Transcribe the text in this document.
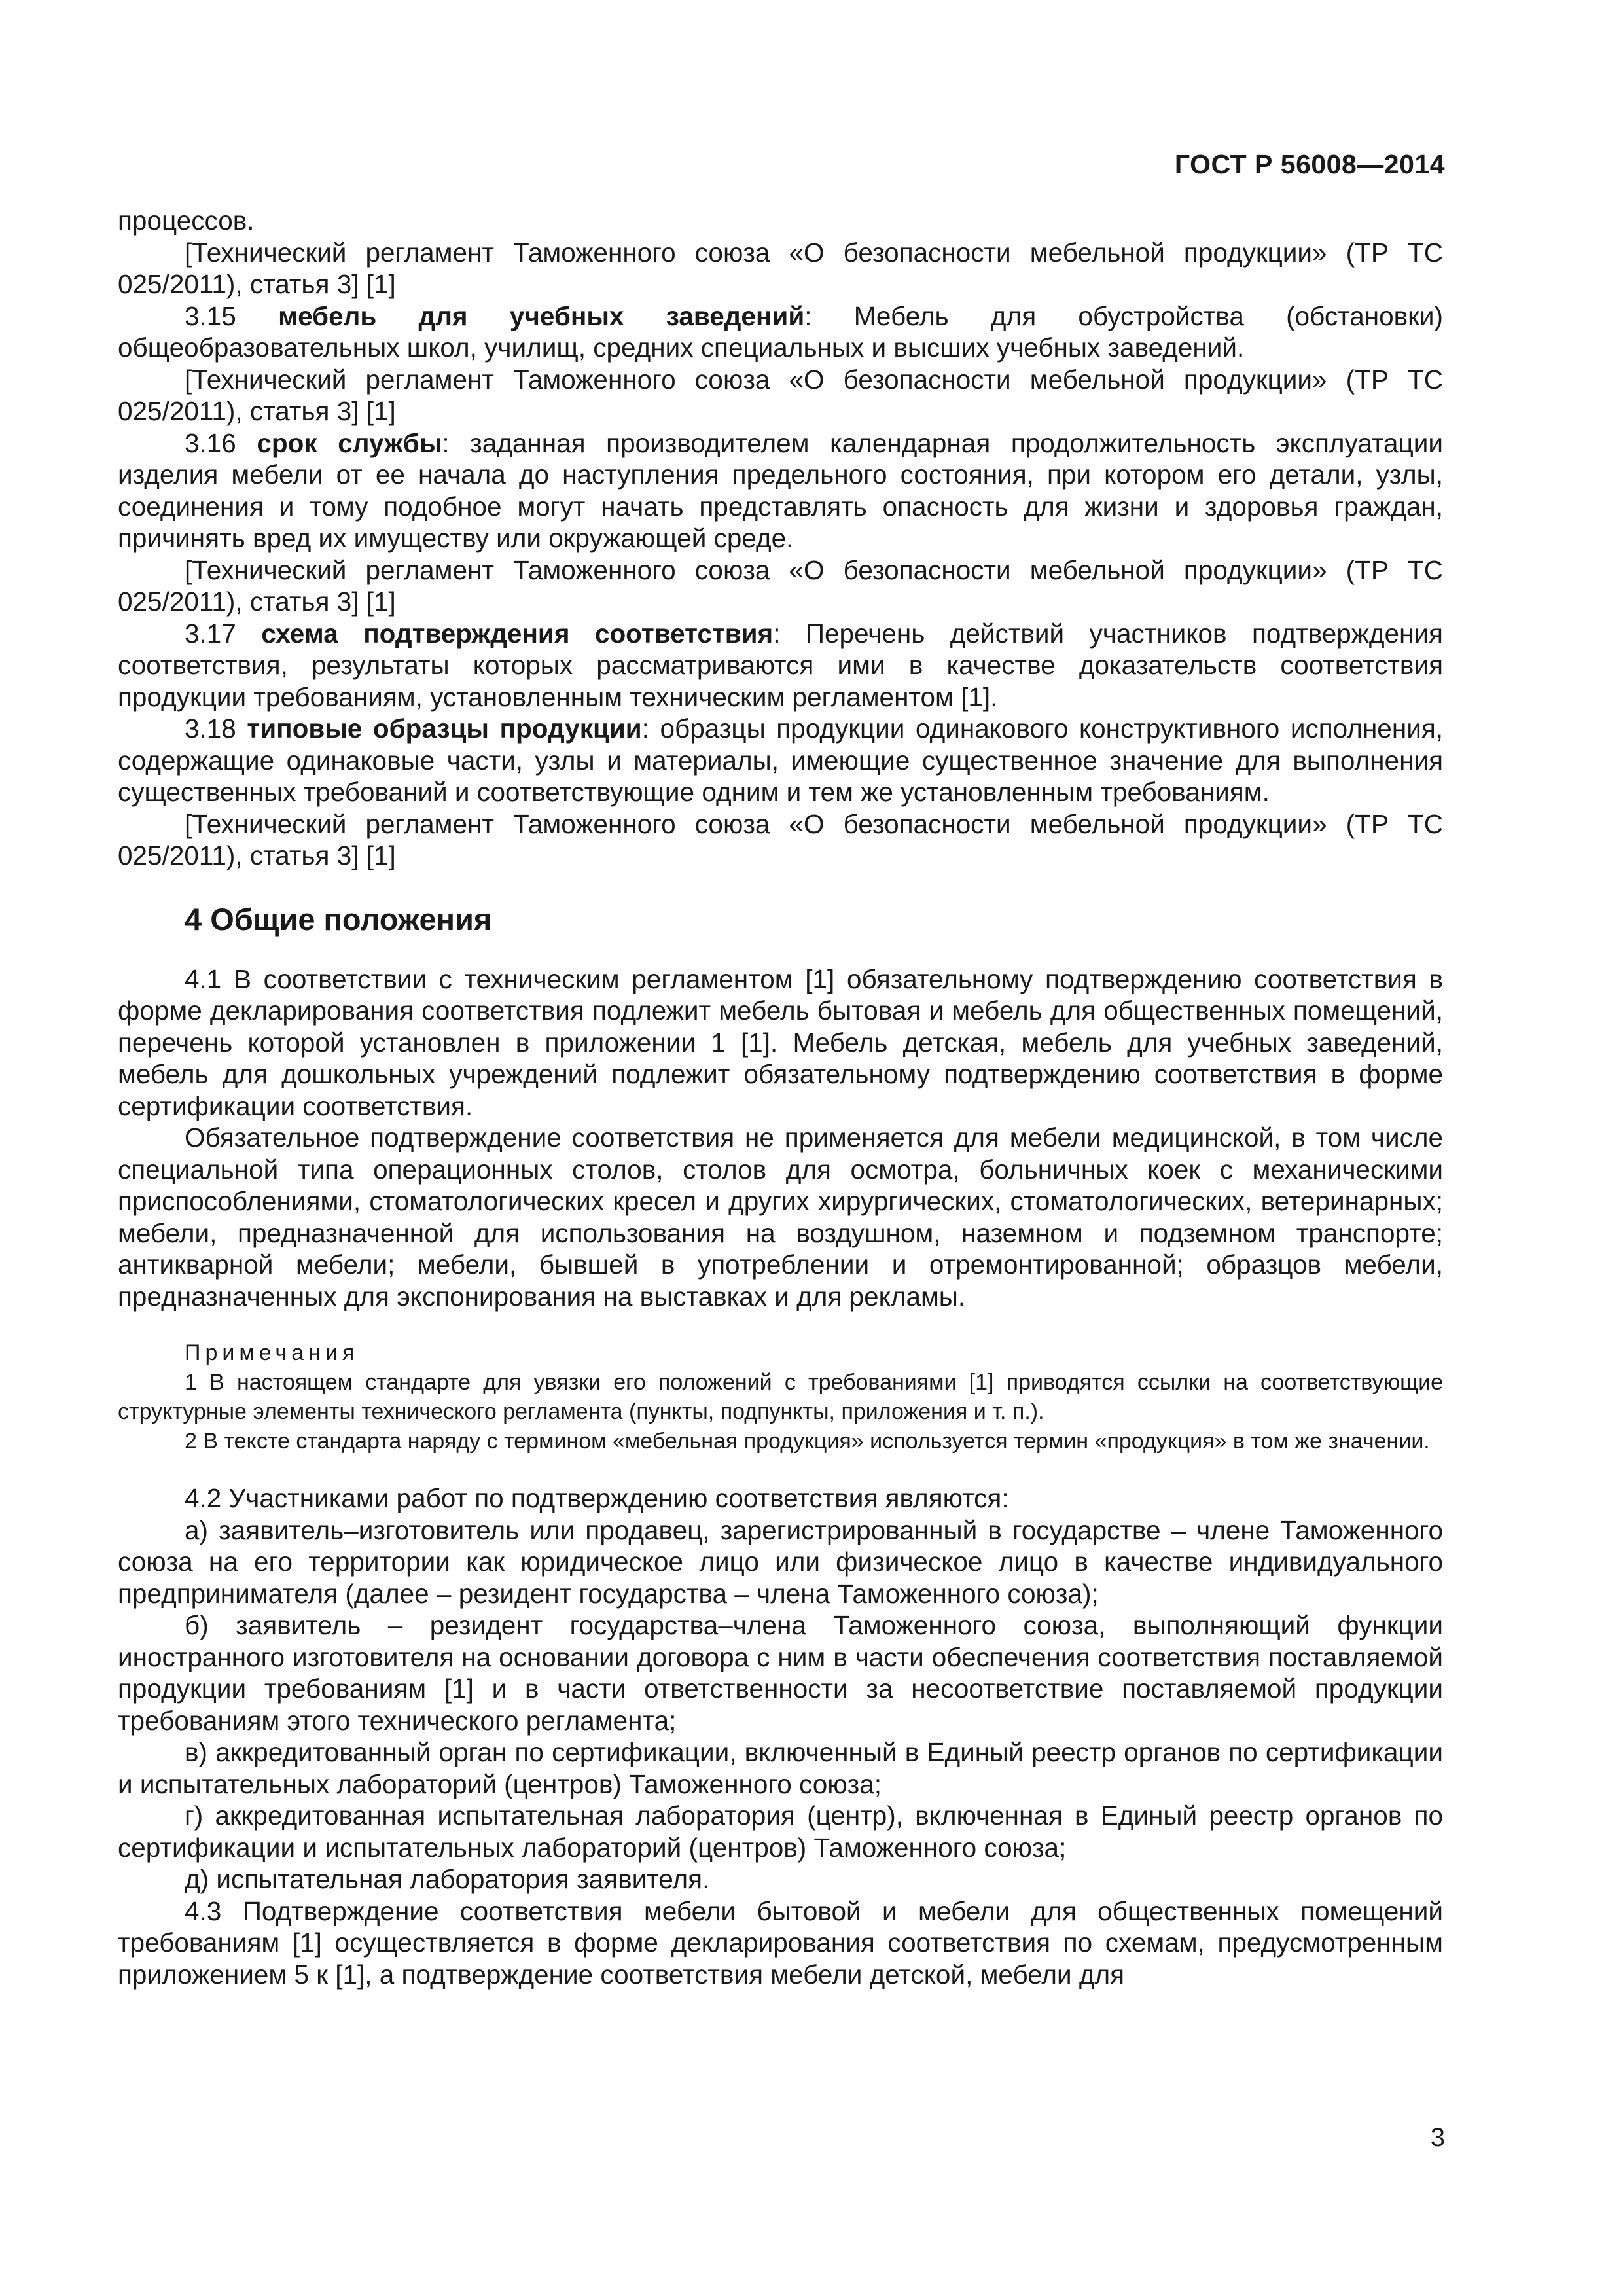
ГОСТ Р 56008—2014

процессов.

[Технический регламент Таможенного союза «О безопасности мебельной продукции» (ТР ТС 025/2011), статья 3] [1]

3.15 мебель для учебных заведений: Мебель для обустройства (обстановки) общеобразовательных школ, училищ, средних специальных и высших учебных заведений.

[Технический регламент Таможенного союза «О безопасности мебельной продукции» (ТР ТС 025/2011), статья 3] [1]

3.16 срок службы: заданная производителем календарная продолжительность эксплуатации изделия мебели от ее начала до наступления предельного состояния, при котором его детали, узлы, соединения и тому подобное могут начать представлять опасность для жизни и здоровья граждан, причинять вред их имуществу или окружающей среде.

[Технический регламент Таможенного союза «О безопасности мебельной продукции» (ТР ТС 025/2011), статья 3] [1]

3.17 схема подтверждения соответствия: Перечень действий участников подтверждения соответствия, результаты которых рассматриваются ими в качестве доказательств соответствия продукции требованиям, установленным техническим регламентом [1].

3.18 типовые образцы продукции: образцы продукции одинакового конструктивного исполнения, содержащие одинаковые части, узлы и материалы, имеющие существенное значение для выполнения существенных требований и соответствующие одним и тем же установленным требованиям.

[Технический регламент Таможенного союза «О безопасности мебельной продукции» (ТР ТС 025/2011), статья 3] [1]

4 Общие положения

4.1 В соответствии с техническим регламентом [1] обязательному подтверждению соответствия в форме декларирования соответствия подлежит мебель бытовая и мебель для общественных помещений, перечень которой установлен в приложении 1 [1]. Мебель детская, мебель для учебных заведений, мебель для дошкольных учреждений подлежит обязательному подтверждению соответствия в форме сертификации соответствия.

Обязательное подтверждение соответствия не применяется для мебели медицинской, в том числе специальной типа операционных столов, столов для осмотра, больничных коек с механическими приспособлениями, стоматологических кресел и других хирургических, стоматологических, ветеринарных; мебели, предназначенной для использования на воздушном, наземном и подземном транспорте; антикварной мебели; мебели, бывшей в употреблении и отремонтированной; образцов мебели, предназначенных для экспонирования на выставках и для рекламы.

Примечания

1 В настоящем стандарте для увязки его положений с требованиями [1] приводятся ссылки на соответствующие структурные элементы технического регламента (пункты, подпункты, приложения и т. п.).

2 В тексте стандарта наряду с термином «мебельная продукция» используется термин «продукция» в том же значении.

4.2 Участниками работ по подтверждению соответствия являются:

а) заявитель–изготовитель или продавец, зарегистрированный в государстве – члене Таможенного союза на его территории как юридическое лицо или физическое лицо в качестве индивидуального предпринимателя (далее – резидент государства – члена Таможенного союза);

б) заявитель – резидент государства–члена Таможенного союза, выполняющий функции иностранного изготовителя на основании договора с ним в части обеспечения соответствия поставляемой продукции требованиям [1] и в части ответственности за несоответствие поставляемой продукции требованиям этого технического регламента;

в) аккредитованный орган по сертификации, включенный в Единый реестр органов по сертификации и испытательных лабораторий (центров) Таможенного союза;

г) аккредитованная испытательная лаборатория (центр), включенная в Единый реестр органов по сертификации и испытательных лабораторий (центров) Таможенного союза;

д) испытательная лаборатория заявителя.

4.3 Подтверждение соответствия мебели бытовой и мебели для общественных помещений требованиям [1] осуществляется в форме декларирования соответствия по схемам, предусмотренным приложением 5 к [1], а подтверждение соответствия мебели детской, мебели для

3
